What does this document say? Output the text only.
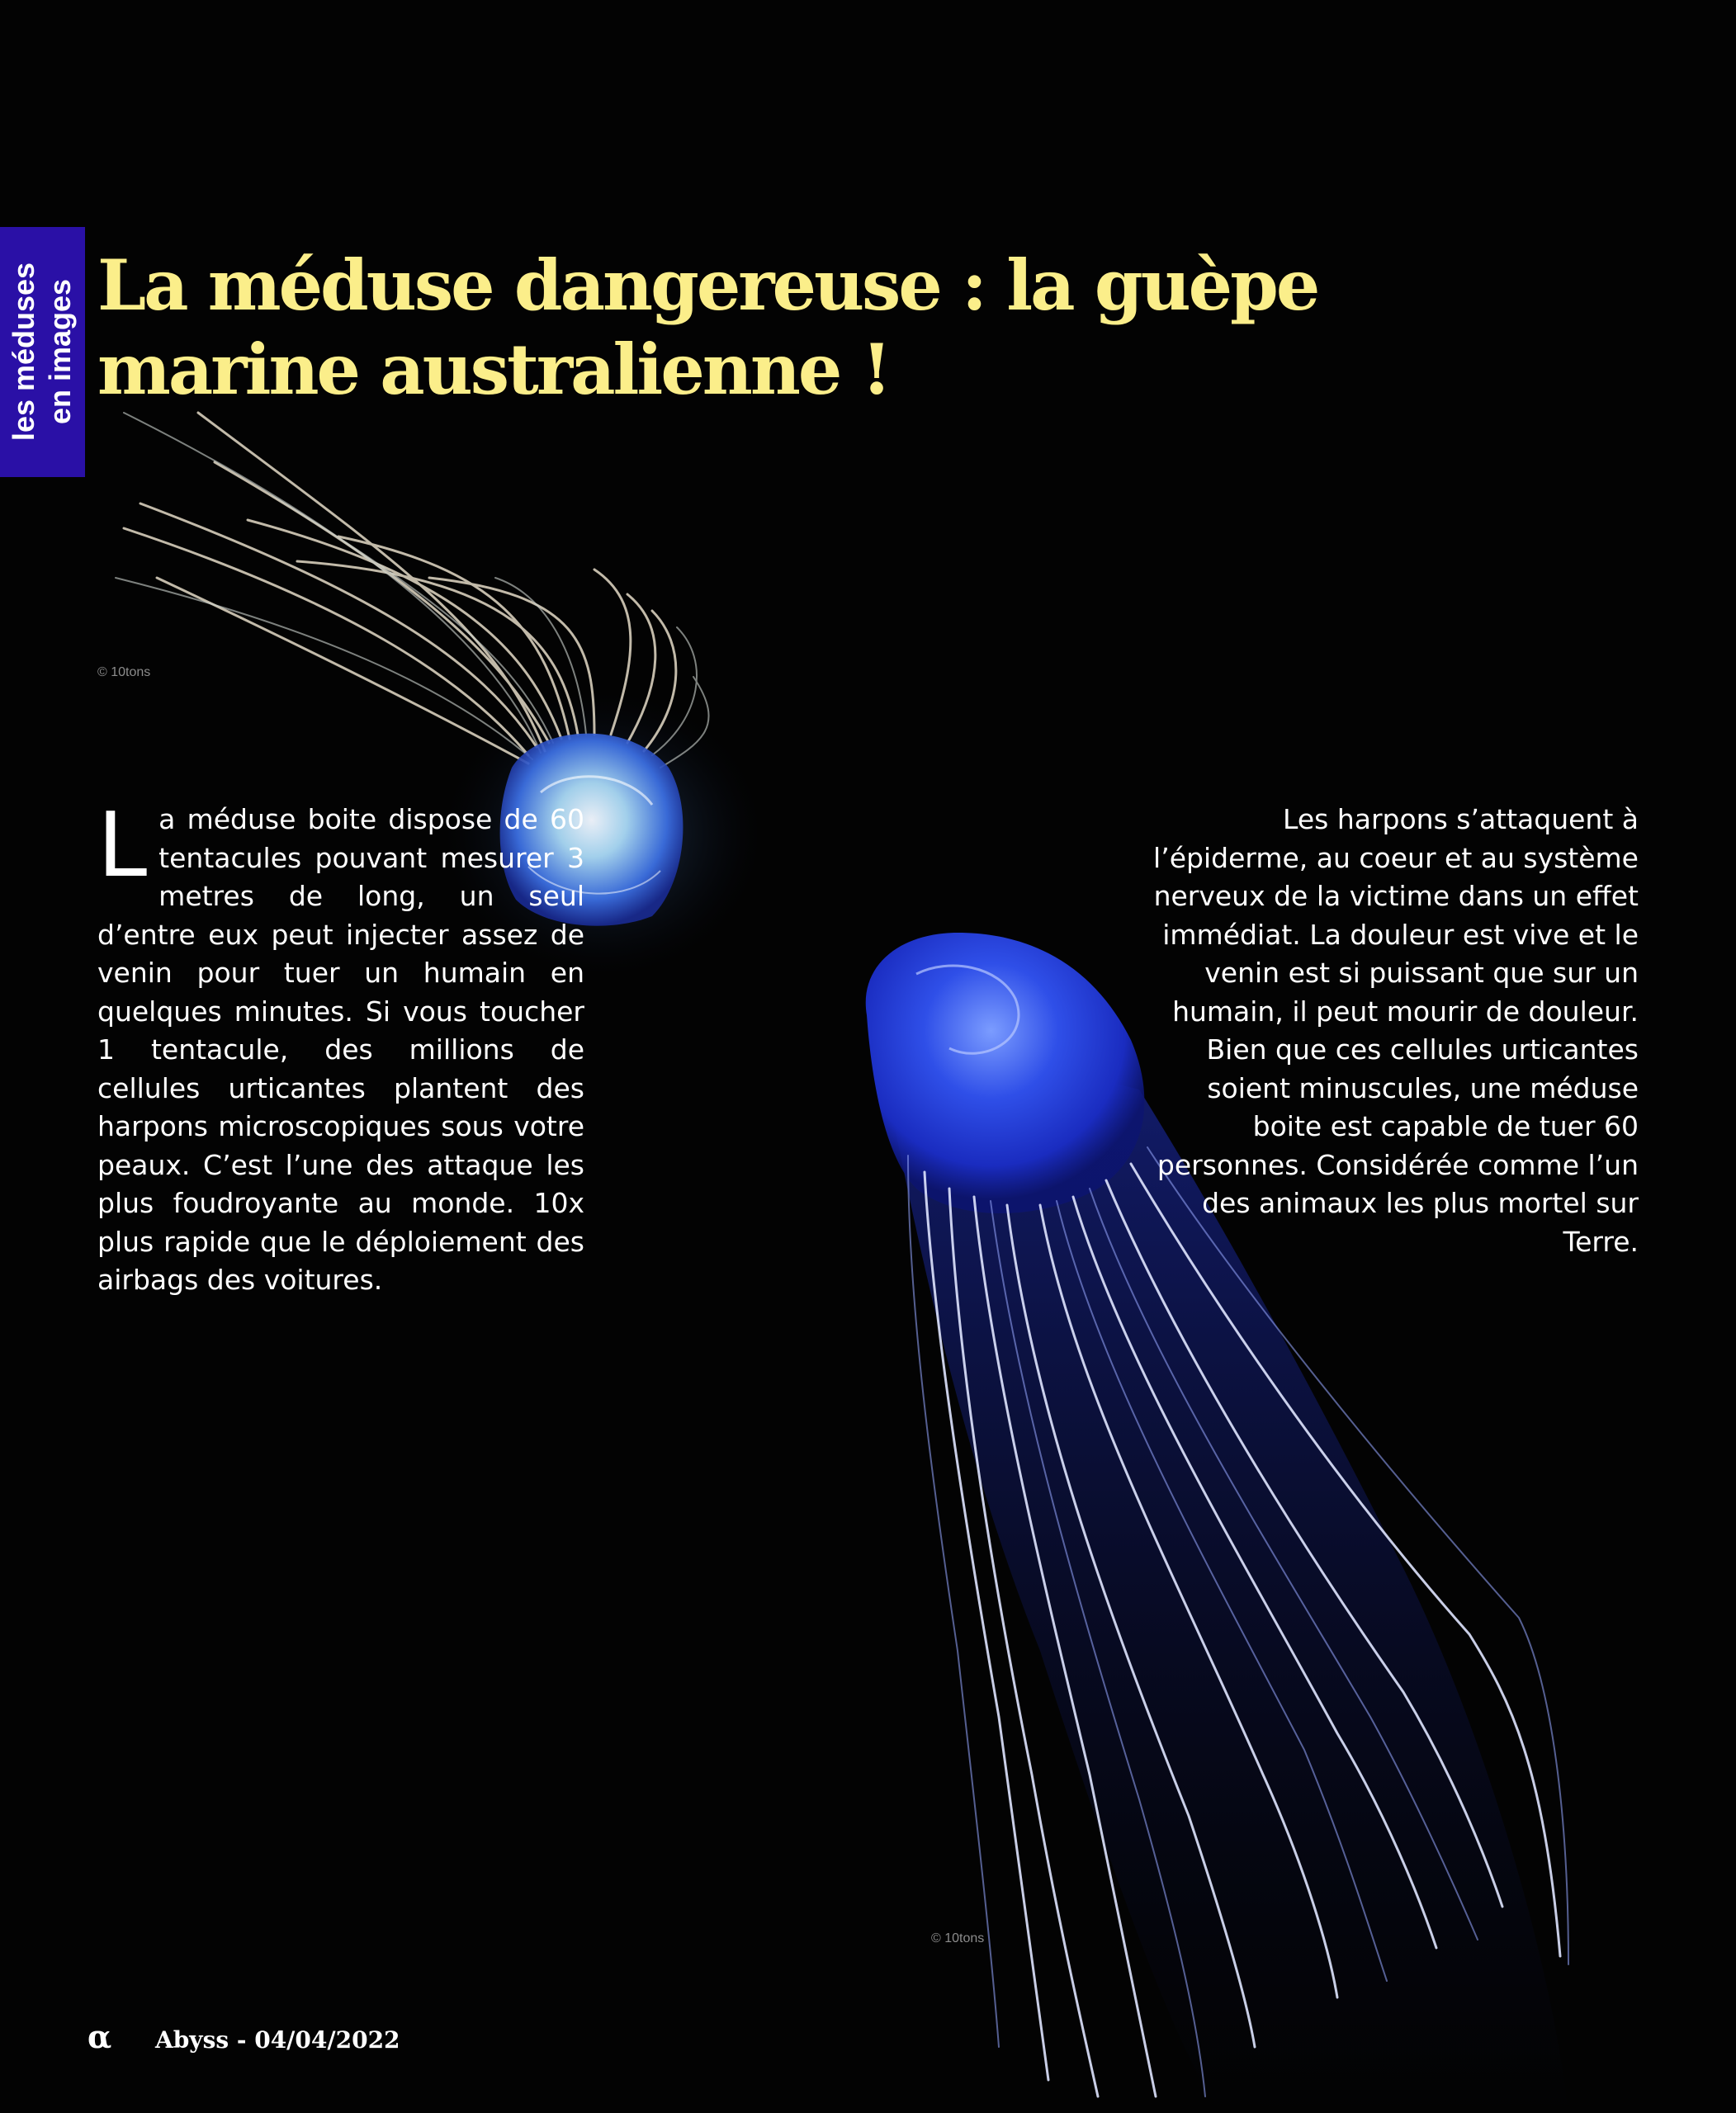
les méduses
en images La méduse dangereuse : la guèpe marine australienne !
© 10tons
© 10tons

La méduse boite dispose de 60 tentacules pouvant mesurer 3 metres de long, un seul d’entre eux peut injecter assez de venin pour tuer un humain en quelques minutes. Si vous toucher 1 tentacule, des millions de cellules urticantes plantent des harpons microscopiques sous votre peaux. C’est l’une des attaque les plus foudroyante au monde. 10x plus rapide que le déploiement des airbags des voitures.

Les harpons s’attaquent à l’épiderme, au coeur et au système nerveux de la victime dans un effet immédiat. La douleur est vive et le venin est si puissant que sur un humain, il peut mourir de douleur. Bien que ces cellules urticantes soient minuscules, une méduse boite est capable de tuer 60 personnes. Considérée comme l’un des animaux les plus mortel sur Terre.

α Abyss - 04/04/2022
